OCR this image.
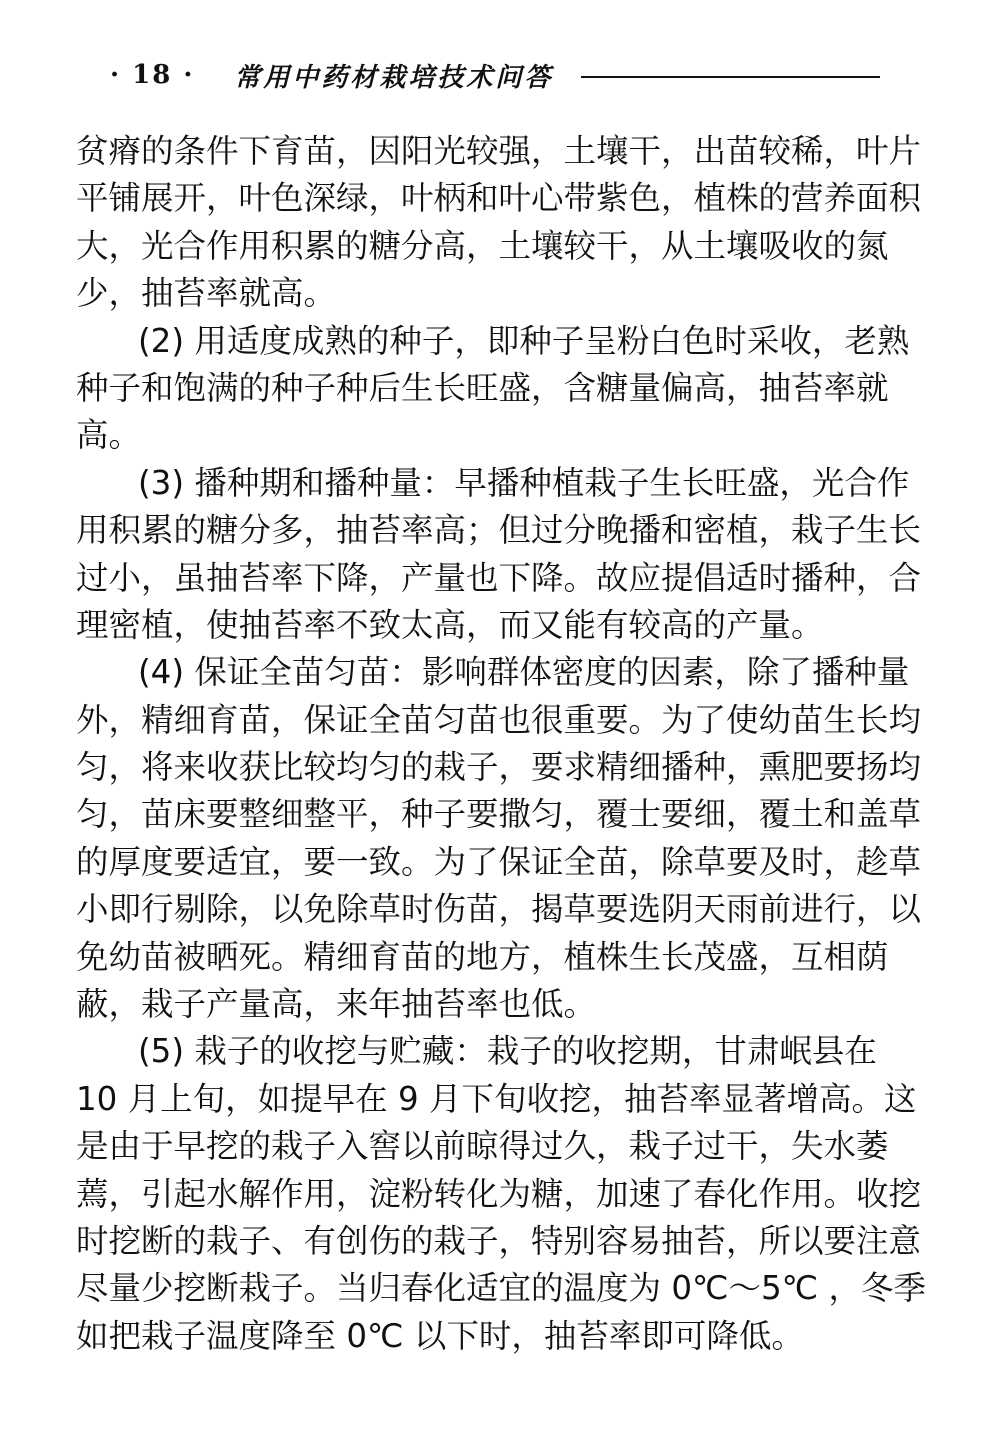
· 18 · 常用中药材栽培技术问答
贫瘠的条件下育苗，因阳光较强，土壤干，出苗较稀，叶片
平铺展开，叶色深绿，叶柄和叶心带紫色，植株的营养面积
大，光合作用积累的糖分高，土壤较干，从土壤吸收的氮
少，抽苔率就高。
(2) 用适度成熟的种子，即种子呈粉白色时采收，老熟
种子和饱满的种子种后生长旺盛，含糖量偏高，抽苔率就
高。
(3) 播种期和播种量：早播种植栽子生长旺盛，光合作
用积累的糖分多，抽苔率高；但过分晚播和密植，栽子生长
过小，虽抽苔率下降，产量也下降。故应提倡适时播种，合
理密植，使抽苔率不致太高，而又能有较高的产量。
(4) 保证全苗匀苗：影响群体密度的因素，除了播种量
外，精细育苗，保证全苗匀苗也很重要。为了使幼苗生长均
匀，将来收获比较均匀的栽子，要求精细播种，熏肥要扬均
匀，苗床要整细整平，种子要撒匀，覆士要细，覆土和盖草
的厚度要适宜，要一致。为了保证全苗，除草要及时，趁草
小即行剔除，以免除草时伤苗，揭草要选阴天雨前进行，以
免幼苗被晒死。精细育苗的地方，植株生长茂盛，互相荫
蔽，栽子产量高，来年抽苔率也低。
(5) 栽子的收挖与贮藏：栽子的收挖期，甘肃岷县在
10 月上旬，如提早在 9 月下旬收挖，抽苔率显著增高。这
是由于早挖的栽子入窖以前晾得过久，栽子过干，失水萎
蔫，引起水解作用，淀粉转化为糖，加速了春化作用。收挖
时挖断的栽子、有创伤的栽子，特别容易抽苔，所以要注意
尽量少挖断栽子。当归春化适宜的温度为 0℃～5℃ ，冬季
如把栽子温度降至 0℃ 以下时，抽苔率即可降低。
